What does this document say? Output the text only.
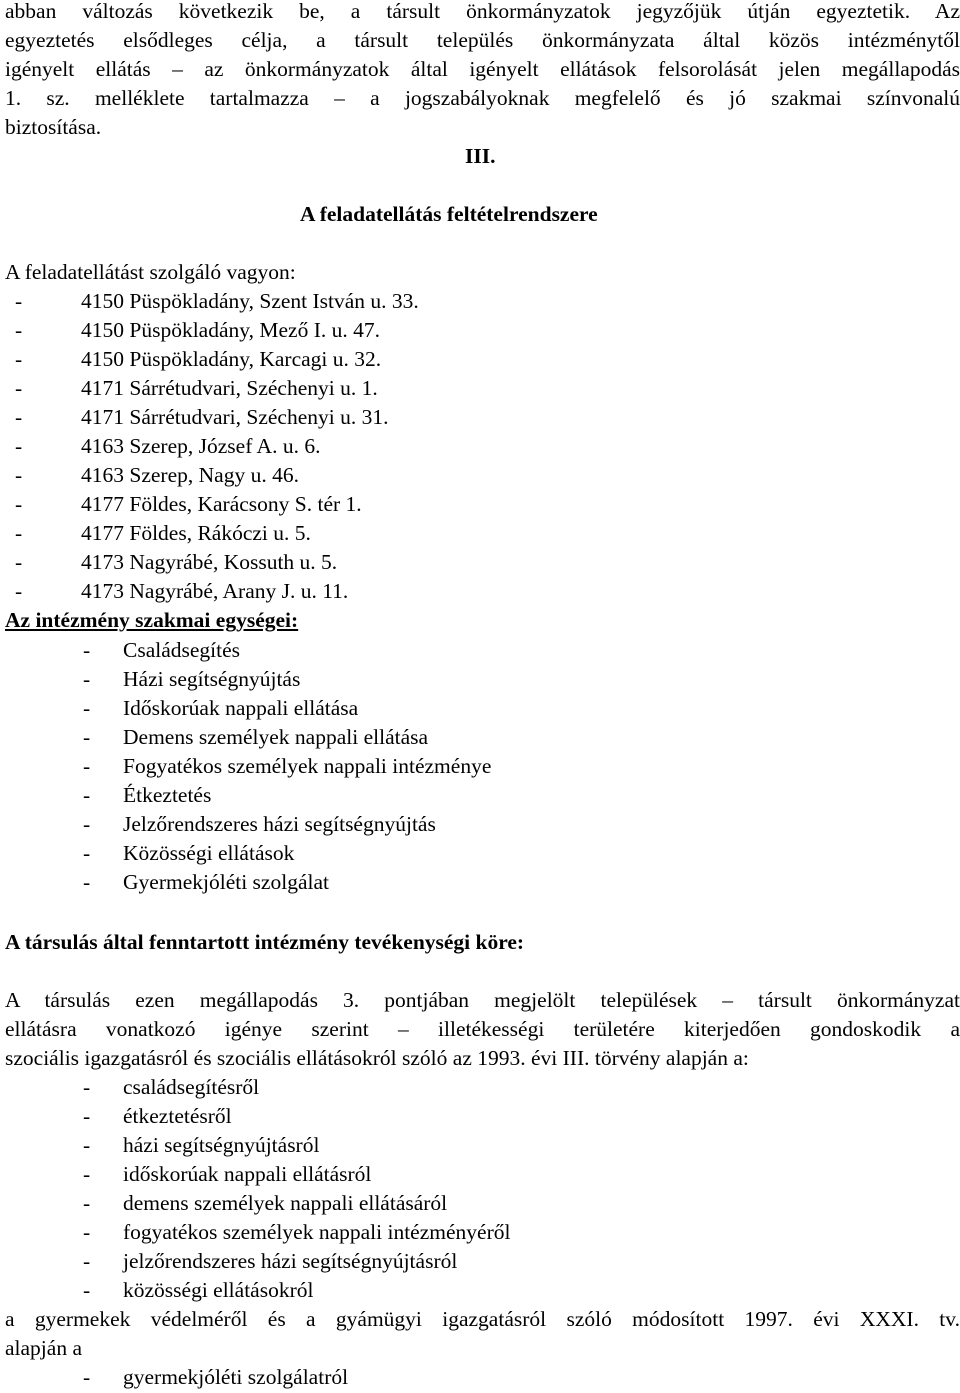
abban változás következik be, a társult önkormányzatok jegyzőjük útján egyeztetik. Az
egyeztetés elsődleges célja, a társult település önkormányzata által közös intézménytől
igényelt ellátás – az önkormányzatok által igényelt ellátások felsorolását jelen megállapodás
1. sz. melléklete tartalmazza – a jogszabályoknak megfelelő és jó szakmai színvonalú
biztosítása.
III.
A feladatellátás feltételrendszere
A feladatellátást szolgáló vagyon:
-	4150 Püspökladány, Szent István u. 33.
-	4150 Püspökladány, Mező I. u. 47.
-	4150 Püspökladány, Karcagi u. 32.
-	4171 Sárrétudvari, Széchenyi u. 1.
-	4171 Sárrétudvari, Széchenyi u. 31.
-	4163 Szerep, József A. u. 6.
-	4163 Szerep, Nagy u. 46.
-	4177 Földes, Karácsony S. tér 1.
-	4177 Földes, Rákóczi u. 5.
-	4173 Nagyrábé, Kossuth u. 5.
-	4173 Nagyrábé, Arany J. u. 11.
Az intézmény szakmai egységei:
- Családsegítés
- Házi segítségnyújtás
- Időskorúak nappali ellátása
- Demens személyek nappali ellátása
- Fogyatékos személyek nappali intézménye
- Étkeztetés
- Jelzőrendszeres házi segítségnyújtás
- Közösségi ellátások
- Gyermekjóléti szolgálat
A társulás által fenntartott intézmény tevékenységi köre:
A társulás ezen megállapodás 3. pontjában megjelölt települések – társult önkormányzat
ellátásra vonatkozó igénye szerint – illetékességi területére kiterjedően gondoskodik a
szociális igazgatásról és szociális ellátásokról szóló az 1993. évi III. törvény alapján a:
- családsegítésről
- étkeztetésről
- házi segítségnyújtásról
- időskorúak nappali ellátásról
- demens személyek nappali ellátásáról
- fogyatékos személyek nappali intézményéről
- jelzőrendszeres házi segítségnyújtásról
- közösségi ellátásokról
a gyermekek védelméről és a gyámügyi igazgatásról szóló módosított 1997. évi XXXI. tv.
alapján a
- gyermekjóléti szolgálatról
